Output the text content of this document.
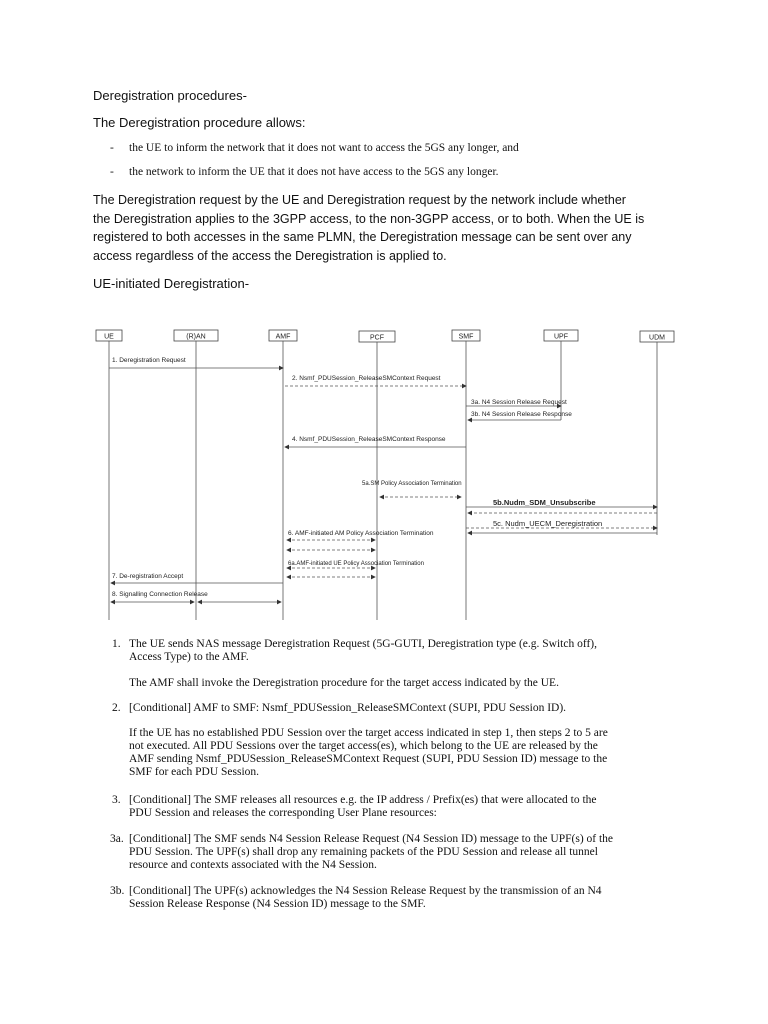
Deregistration procedures-
The Deregistration procedure allows:
- the UE to inform the network that it does not want to access the 5GS any longer, and
- the network to inform the UE that it does not have access to the 5GS any longer.
The Deregistration request by the UE and Deregistration request by the network include whether
the Deregistration applies to the 3GPP access, to the non-3GPP access, or to both. When the UE is
registered to both accesses in the same PLMN, the Deregistration message can be sent over any
access regardless of the access the Deregistration is applied to.
UE-initiated Deregistration-
UE	(R)AN	AMF	PCF	SMF	UPF	UDM
1. Deregistration Request
2. Nsmf_PDUSession_ReleaseSMContext Request
3a. N4 Session Release Request
3b. N4 Session Release Response
4. Nsmf_PDUSession_ReleaseSMContext Response
5a.SM Policy Association Termination
5b.Nudm_SDM_Unsubscribe
5c. Nudm_UECM_Deregistration
6. AMF-initiated AM Policy Association Termination
6a.AMF-initiated UE Policy Association Termination
7. De-registration Accept
8. Signalling Connection Release
1. The UE sends NAS message Deregistration Request (5G-GUTI, Deregistration type (e.g. Switch off),
Access Type) to the AMF.
The AMF shall invoke the Deregistration procedure for the target access indicated by the UE.
2. [Conditional] AMF to SMF: Nsmf_PDUSession_ReleaseSMContext (SUPI, PDU Session ID).
If the UE has no established PDU Session over the target access indicated in step 1, then steps 2 to 5 are
not executed. All PDU Sessions over the target access(es), which belong to the UE are released by the
AMF sending Nsmf_PDUSession_ReleaseSMContext Request (SUPI, PDU Session ID) message to the
SMF for each PDU Session.
3. [Conditional] The SMF releases all resources e.g. the IP address / Prefix(es) that were allocated to the
PDU Session and releases the corresponding User Plane resources:
3a. [Conditional] The SMF sends N4 Session Release Request (N4 Session ID) message to the UPF(s) of the
PDU Session. The UPF(s) shall drop any remaining packets of the PDU Session and release all tunnel
resource and contexts associated with the N4 Session.
3b. [Conditional] The UPF(s) acknowledges the N4 Session Release Request by the transmission of an N4
Session Release Response (N4 Session ID) message to the SMF.
